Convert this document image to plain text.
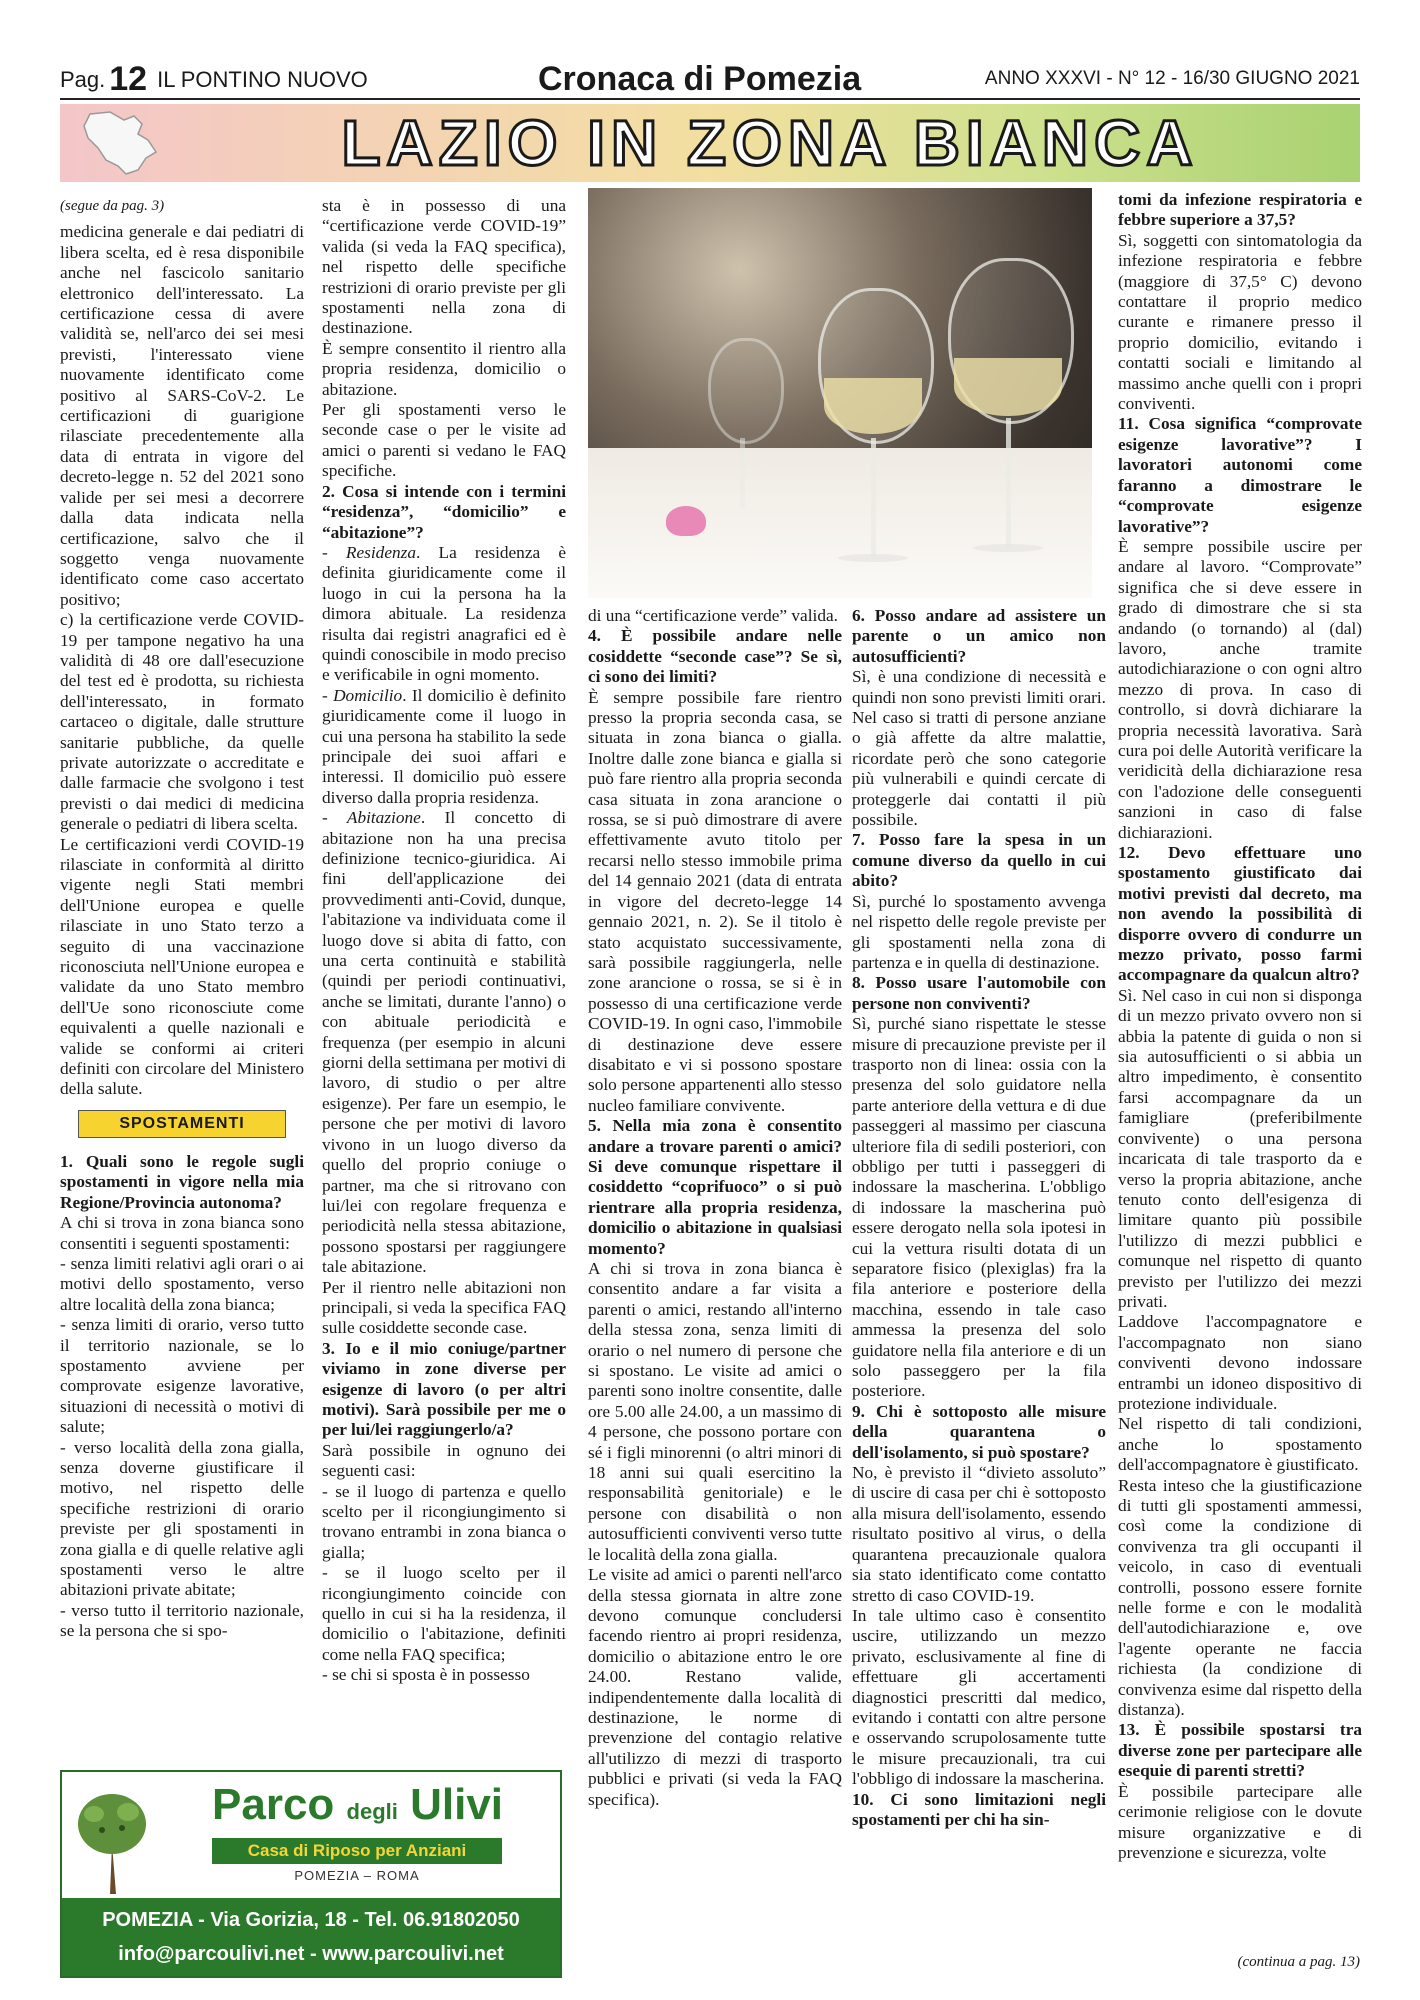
Pag. 12 IL PONTINO NUOVO	Cronaca di Pomezia	ANNO XXXVI - N° 12 - 16/30 GIUGNO 2021
LAZIO IN ZONA BIANCA

(segue da pag. 3)

medicina generale e dai pediatri di libera scelta, ed è resa disponibile anche nel fascicolo sanitario elettronico dell'interessato. La certificazione cessa di avere validità se, nell'arco dei sei mesi previsti, l'interessato viene nuovamente identificato come positivo al SARS-CoV-2. Le certificazioni di guarigione rilasciate precedentemente alla data di entrata in vigore del decreto-legge n. 52 del 2021 sono valide per sei mesi a decorrere dalla data indicata nella certificazione, salvo che il soggetto venga nuovamente identificato come caso accertato positivo;

c) la certificazione verde COVID-19 per tampone negativo ha una validità di 48 ore dall'esecuzione del test ed è prodotta, su richiesta dell'interessato, in formato cartaceo o digitale, dalle strutture sanitarie pubbliche, da quelle private autorizzate o accreditate e dalle farmacie che svolgono i test previsti o dai medici di medicina generale o pediatri di libera scelta.

Le certificazioni verdi COVID-19 rilasciate in conformità al diritto vigente negli Stati membri dell'Unione europea e quelle rilasciate in uno Stato terzo a seguito di una vaccinazione riconosciuta nell'Unione europea e validate da uno Stato membro dell'Ue sono riconosciute come equivalenti a quelle nazionali e valide se conformi ai criteri definiti con circolare del Ministero della salute.

SPOSTAMENTI

1. Quali sono le regole sugli spostamenti in vigore nella mia Regione/Provincia autonoma?

A chi si trova in zona bianca sono consentiti i seguenti spostamenti:

- senza limiti relativi agli orari o ai motivi dello spostamento, verso altre località della zona bianca;

- senza limiti di orario, verso tutto il territorio nazionale, se lo spostamento avviene per comprovate esigenze lavorative, situazioni di necessità o motivi di salute;

- verso località della zona gialla, senza doverne giustificare il motivo, nel rispetto delle specifiche restrizioni di orario previste per gli spostamenti in zona gialla e di quelle relative agli spostamenti verso le altre abitazioni private abitate;

- verso tutto il territorio nazionale, se la persona che si spo-

sta è in possesso di una “certificazione verde COVID-19” valida (si veda la FAQ specifica), nel rispetto delle specifiche restrizioni di orario previste per gli spostamenti nella zona di destinazione.

È sempre consentito il rientro alla propria residenza, domicilio o abitazione.

Per gli spostamenti verso le seconde case o per le visite ad amici o parenti si vedano le FAQ specifiche.

2. Cosa si intende con i termini “residenza”, “domicilio” e “abitazione”?

- Residenza. La residenza è definita giuridicamente come il luogo in cui la persona ha la dimora abituale. La residenza risulta dai registri anagrafici ed è quindi conoscibile in modo preciso e verificabile in ogni momento.

- Domicilio. Il domicilio è definito giuridicamente come il luogo in cui una persona ha stabilito la sede principale dei suoi affari e interessi. Il domicilio può essere diverso dalla propria residenza.

- Abitazione. Il concetto di abitazione non ha una precisa definizione tecnico-giuridica. Ai fini dell'applicazione dei provvedimenti anti-Covid, dunque, l'abitazione va individuata come il luogo dove si abita di fatto, con una certa continuità e stabilità (quindi per periodi continuativi, anche se limitati, durante l'anno) o con abituale periodicità e frequenza (per esempio in alcuni giorni della settimana per motivi di lavoro, di studio o per altre esigenze). Per fare un esempio, le persone che per motivi di lavoro vivono in un luogo diverso da quello del proprio coniuge o partner, ma che si ritrovano con lui/lei con regolare frequenza e periodicità nella stessa abitazione, possono spostarsi per raggiungere tale abitazione.

Per il rientro nelle abitazioni non principali, si veda la specifica FAQ sulle cosiddette seconde case.

3. Io e il mio coniuge/partner viviamo in zone diverse per esigenze di lavoro (o per altri motivi). Sarà possibile per me o per lui/lei raggiungerlo/a?

Sarà possibile in ognuno dei seguenti casi:

- se il luogo di partenza e quello scelto per il ricongiungimento si trovano entrambi in zona bianca o gialla;

- se il luogo scelto per il ricongiungimento coincide con quello in cui si ha la residenza, il domicilio o l'abitazione, definiti come nella FAQ specifica;

- se chi si sposta è in possesso

di una “certificazione verde” valida.

4. È possibile andare nelle cosiddette “seconde case”? Se sì, ci sono dei limiti?

È sempre possibile fare rientro presso la propria seconda casa, se situata in zona bianca o gialla. Inoltre dalle zone bianca e gialla si può fare rientro alla propria seconda casa situata in zona arancione o rossa, se si può dimostrare di avere effettivamente avuto titolo per recarsi nello stesso immobile prima del 14 gennaio 2021 (data di entrata in vigore del decreto-legge 14 gennaio 2021, n. 2). Se il titolo è stato acquistato successivamente, sarà possibile raggiungerla, nelle zone arancione o rossa, se si è in possesso di una certificazione verde COVID-19. In ogni caso, l'immobile di destinazione deve essere disabitato e vi si possono spostare solo persone appartenenti allo stesso nucleo familiare convivente.

5. Nella mia zona è consentito andare a trovare parenti o amici? Si deve comunque rispettare il cosiddetto “coprifuoco” o si può rientrare alla propria residenza, domicilio o abitazione in qualsiasi momento?

A chi si trova in zona bianca è consentito andare a far visita a parenti o amici, restando all'interno della stessa zona, senza limiti di orario o nel numero di persone che si spostano. Le visite ad amici o parenti sono inoltre consentite, dalle ore 5.00 alle 24.00, a un massimo di 4 persone, che possono portare con sé i figli minorenni (o altri minori di 18 anni sui quali esercitino la responsabilità genitoriale) e le persone con disabilità o non autosufficienti conviventi verso tutte le località della zona gialla.

Le visite ad amici o parenti nell'arco della stessa giornata in altre zone devono comunque concludersi facendo rientro ai propri residenza, domicilio o abitazione entro le ore 24.00. Restano valide, indipendentemente dalla località di destinazione, le norme di prevenzione del contagio relative all'utilizzo di mezzi di trasporto pubblici e privati (si veda la FAQ specifica).

6. Posso andare ad assistere un parente o un amico non autosufficienti?

Sì, è una condizione di necessità e quindi non sono previsti limiti orari. Nel caso si tratti di persone anziane o già affette da altre malattie, ricordate però che sono categorie più vulnerabili e quindi cercate di proteggerle dai contatti il più possibile.

7. Posso fare la spesa in un comune diverso da quello in cui abito?

Sì, purché lo spostamento avvenga nel rispetto delle regole previste per gli spostamenti nella zona di partenza e in quella di destinazione.

8. Posso usare l'automobile con persone non conviventi?

Sì, purché siano rispettate le stesse misure di precauzione previste per il trasporto non di linea: ossia con la presenza del solo guidatore nella parte anteriore della vettura e di due passeggeri al massimo per ciascuna ulteriore fila di sedili posteriori, con obbligo per tutti i passeggeri di indossare la mascherina. L'obbligo di indossare la mascherina può essere derogato nella sola ipotesi in cui la vettura risulti dotata di un separatore fisico (plexiglas) fra la fila anteriore e posteriore della macchina, essendo in tale caso ammessa la presenza del solo guidatore nella fila anteriore e di un solo passeggero per la fila posteriore.

9. Chi è sottoposto alle misure della quarantena o dell'isolamento, si può spostare?

No, è previsto il “divieto assoluto” di uscire di casa per chi è sottoposto alla misura dell'isolamento, essendo risultato positivo al virus, o della quarantena precauzionale qualora sia stato identificato come contatto stretto di caso COVID-19.

In tale ultimo caso è consentito uscire, utilizzando un mezzo privato, esclusivamente al fine di effettuare gli accertamenti diagnostici prescritti dal medico, evitando i contatti con altre persone e osservando scrupolosamente tutte le misure precauzionali, tra cui l'obbligo di indossare la mascherina.

10. Ci sono limitazioni negli spostamenti per chi ha sin-

tomi da infezione respiratoria e febbre superiore a 37,5?

Sì, soggetti con sintomatologia da infezione respiratoria e febbre (maggiore di 37,5° C) devono contattare il proprio medico curante e rimanere presso il proprio domicilio, evitando i contatti sociali e limitando al massimo anche quelli con i propri conviventi.

11. Cosa significa “comprovate esigenze lavorative”? I lavoratori autonomi come faranno a dimostrare le “comprovate esigenze lavorative”?

È sempre possibile uscire per andare al lavoro. “Comprovate” significa che si deve essere in grado di dimostrare che si sta andando (o tornando) al (dal) lavoro, anche tramite autodichiarazione o con ogni altro mezzo di prova. In caso di controllo, si dovrà dichiarare la propria necessità lavorativa. Sarà cura poi delle Autorità verificare la veridicità della dichiarazione resa con l'adozione delle conseguenti sanzioni in caso di false dichiarazioni.

12. Devo effettuare uno spostamento giustificato dai motivi previsti dal decreto, ma non avendo la possibilità di disporre ovvero di condurre un mezzo privato, posso farmi accompagnare da qualcun altro?

Sì. Nel caso in cui non si disponga di un mezzo privato ovvero non si abbia la patente di guida o non si sia autosufficienti o si abbia un altro impedimento, è consentito farsi accompagnare da un famigliare (preferibilmente convivente) o una persona incaricata di tale trasporto da e verso la propria abitazione, anche tenuto conto dell'esigenza di limitare quanto più possibile l'utilizzo di mezzi pubblici e comunque nel rispetto di quanto previsto per l'utilizzo dei mezzi privati.

Laddove l'accompagnatore e l'accompagnato non siano conviventi devono indossare entrambi un idoneo dispositivo di protezione individuale.

Nel rispetto di tali condizioni, anche lo spostamento dell'accompagnatore è giustificato.

Resta inteso che la giustificazione di tutti gli spostamenti ammessi, così come la condizione di convivenza tra gli occupanti il veicolo, in caso di eventuali controlli, possono essere fornite nelle forme e con le modalità dell'autodichiarazione e, ove l'agente operante ne faccia richiesta (la condizione di convivenza esime dal rispetto della distanza).

13. È possibile spostarsi tra diverse zone per partecipare alle esequie di parenti stretti?

È possibile partecipare alle cerimonie religiose con le dovute misure organizzative e di prevenzione e sicurezza, volte

(continua a pag. 13)
Parco degli Ulivi
Casa di Riposo per Anziani
POMEZIA – ROMA
POMEZIA - Via Gorizia, 18 - Tel. 06.91802050
info@parcoulivi.net - www.parcoulivi.net
